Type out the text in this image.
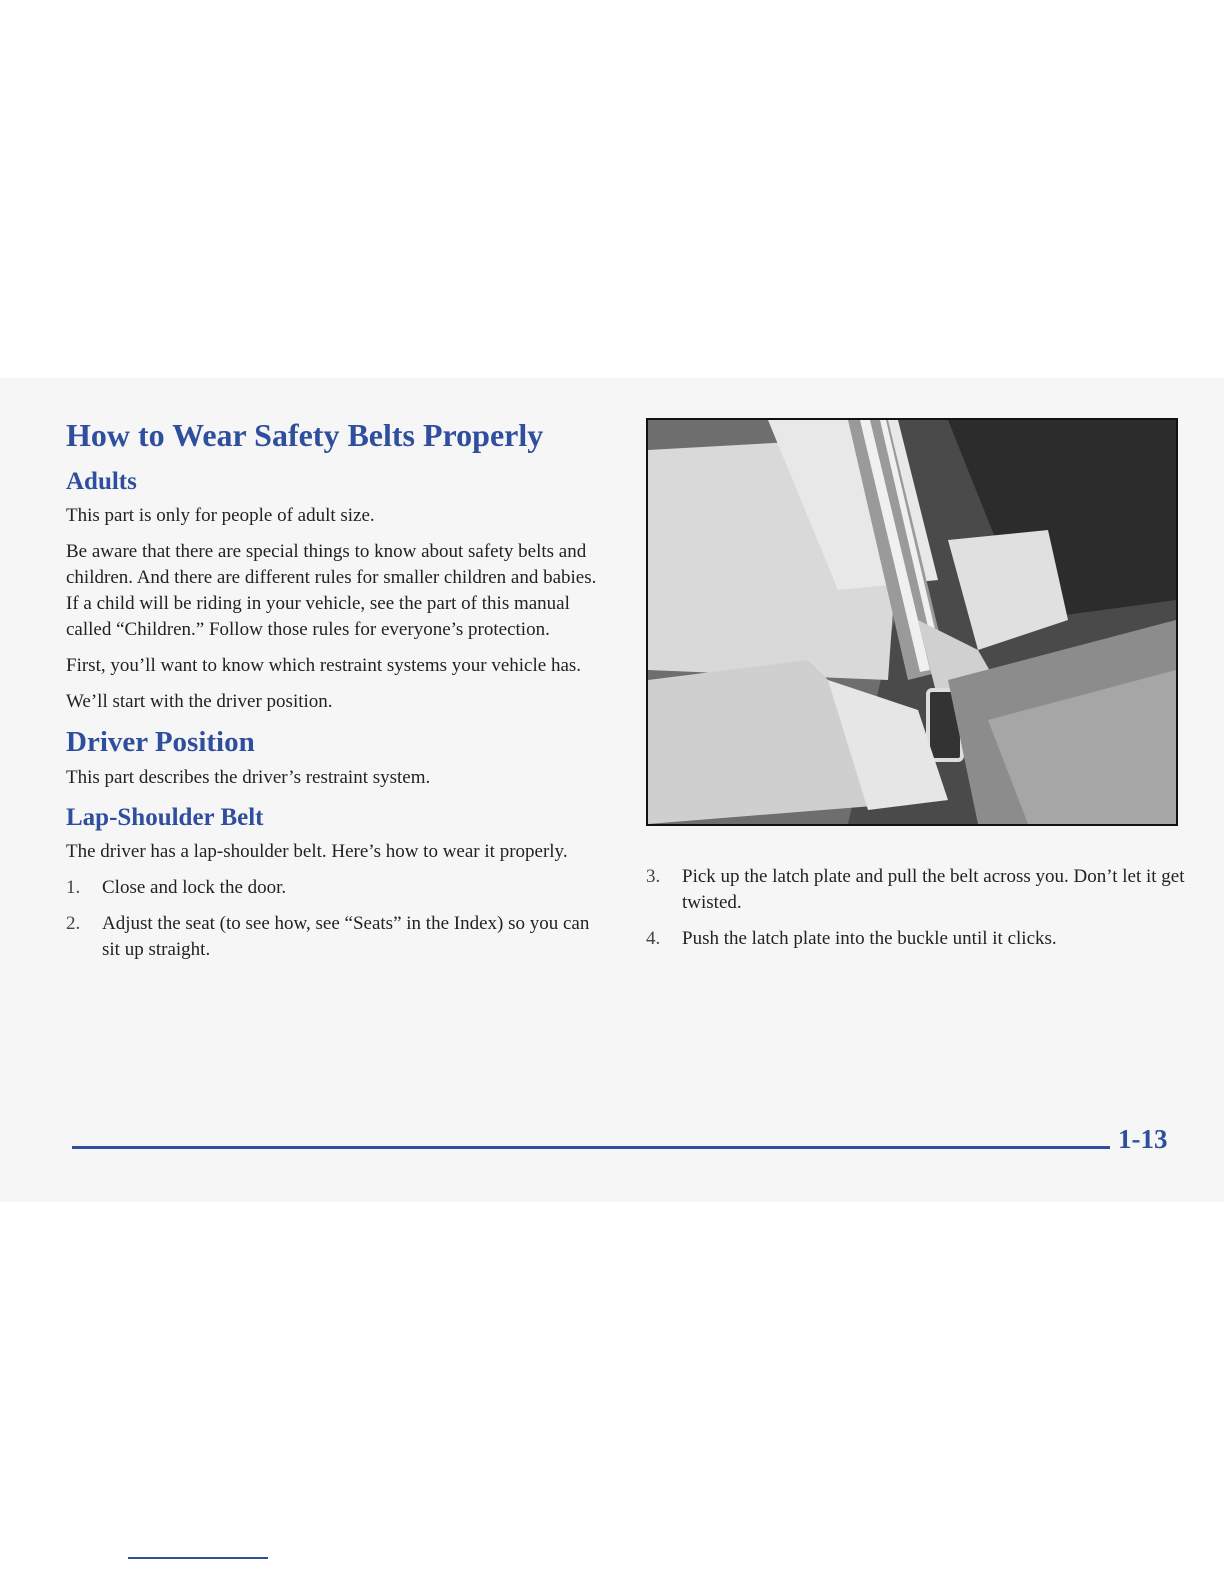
How to Wear Safety Belts Properly
Adults

This part is only for people of adult size.

Be aware that there are special things to know about safety belts and children. And there are different rules for smaller children and babies. If a child will be riding in your vehicle, see the part of this manual called “Children.” Follow those rules for everyone’s protection.

First, you’ll want to know which restraint systems your vehicle has.

We’ll start with the driver position.

Driver Position

This part describes the driver’s restraint system.

Lap-Shoulder Belt

The driver has a lap-shoulder belt. Here’s how to wear it properly.

1.	Close and lock the door.
2.	Adjust the seat (to see how, see “Seats” in the Index) so you can sit up straight.
3.	Pick up the latch plate and pull the belt across you. Don’t let it get twisted.
4.	Push the latch plate into the buckle until it clicks.
1-13
